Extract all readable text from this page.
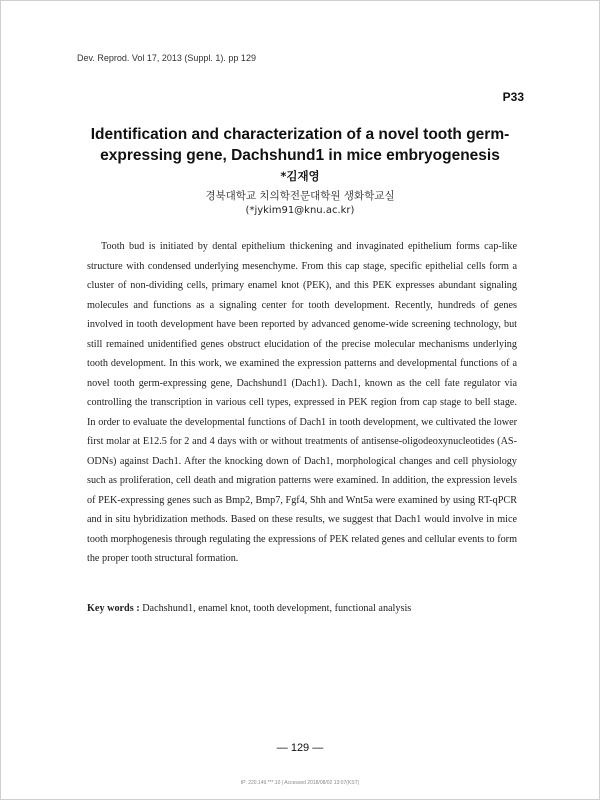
Dev. Reprod. Vol 17, 2013 (Suppl. 1). pp 129
P33
Identification and characterization of a novel tooth germ-expressing gene, Dachshund1 in mice embryogenesis
*김재영
경북대학교 치의학전문대학원 생화학교실
(*jykim91@knu.ac.kr)

Tooth bud is initiated by dental epithelium thickening and invaginated epithelium forms cap-like structure with condensed underlying mesenchyme. From this cap stage, specific epithelial cells form a cluster of non-dividing cells, primary enamel knot (PEK), and this PEK expresses abundant signaling molecules and functions as a signaling center for tooth development. Recently, hundreds of genes involved in tooth development have been reported by advanced genome-wide screening technology, but still remained unidentified genes obstruct elucidation of the precise molecular mechanisms underlying tooth development. In this work, we examined the expression patterns and developmental functions of a novel tooth germ-expressing gene, Dachshund1 (Dach1). Dach1, known as the cell fate regulator via controlling the transcription in various cell types, expressed in PEK region from cap stage to bell stage. In order to evaluate the developmental functions of Dach1 in tooth development, we cultivated the lower first molar at E12.5 for 2 and 4 days with or without treatments of antisense-oligodeoxynucleotides (AS-ODNs) against Dach1. After the knocking down of Dach1, morphological changes and cell physiology such as proliferation, cell death and migration patterns were examined. In addition, the expression levels of PEK-expressing genes such as Bmp2, Bmp7, Fgf4, Shh and Wnt5a were examined by using RT-qPCR and in situ hybridization methods. Based on these results, we suggest that Dach1 would involve in mice tooth morphogenesis through regulating the expressions of PEK related genes and cellular events to form the proper tooth structural formation.

Key words : Dachshund1, enamel knot, tooth development, functional analysis

― 129 ―
IP: 220.149.***.10 | Accessed 2018/08/02 13:07(KST)
